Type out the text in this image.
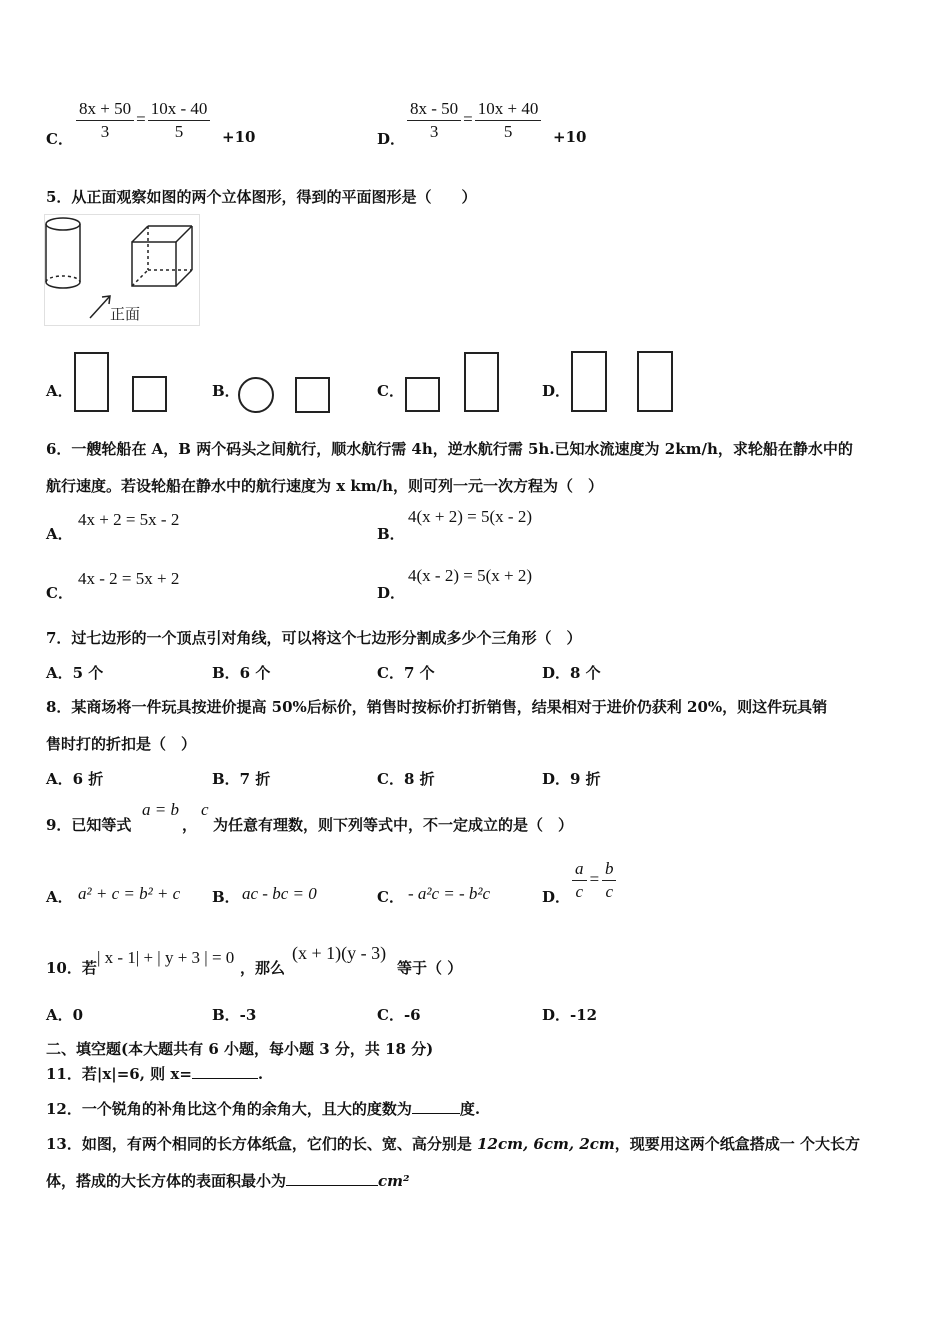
C． $\frac{8x + 50}{3} = \frac{10x - 40}{5} +10$	D． $\frac{8x - 50}{3} = \frac{10x + 40}{5} +10$
5．从正面观察如图的两个立体图形，得到的平面图形是（　　）
正面
A．	B．	C．	D．
6．一艘轮船在 A，B 两个码头之间航行，顺水航行需 4h，逆水航行需 5h.已知水流速度为 2km/h，求轮船在静水中的
航行速度。若设轮船在静水中的航行速度为 x km/h，则可列一元一次方程为（　）
A．
4x + 2 = 5x - 2
B．
4(x + 2) = 5(x - 2)
C．
4x - 2 = 5x + 2
D．
4(x - 2) = 5(x + 2)
7．过七边形的一个顶点引对角线，可以将这个七边形分割成多少个三角形（　）
A．5 个	B．6 个	C．7 个	D．8 个
8．某商场将一件玩具按进价提高 50%后标价，销售时按标价打折销售，结果相对于进价仍获利 20%，则这件玩具销
售时打的折扣是（　）
A．6 折	B．7 折	C．8 折	D．9 折
9．已知等式
a = b
，
c
为任意有理数，则下列等式中，不一定成立的是（　）
A． a² + c = b² + c B． ac - bc = 0	C． - a²c = - b²c	D． $\frac{a}{c} = \frac{b}{c}$
10．若
| x - 1| + | y + 3 | = 0
，那么
(x + 1)(y - 3)
等于（ ）
A．0	B．-3	C．-6	D．-12
二、填空题(本大题共有 6 小题，每小题 3 分，共 18 分)
11．若|x|=6, 则 x=	.
12．一个锐角的补角比这个角的余角大，且大的度数为	度.
13．如图，有两个相同的长方体纸盒，它们的长、宽、高分别是 12cm, 6cm, 2cm，现要用这两个纸盒搭成一 个大长方
体，搭成的大长方体的表面积最小为	cm²
